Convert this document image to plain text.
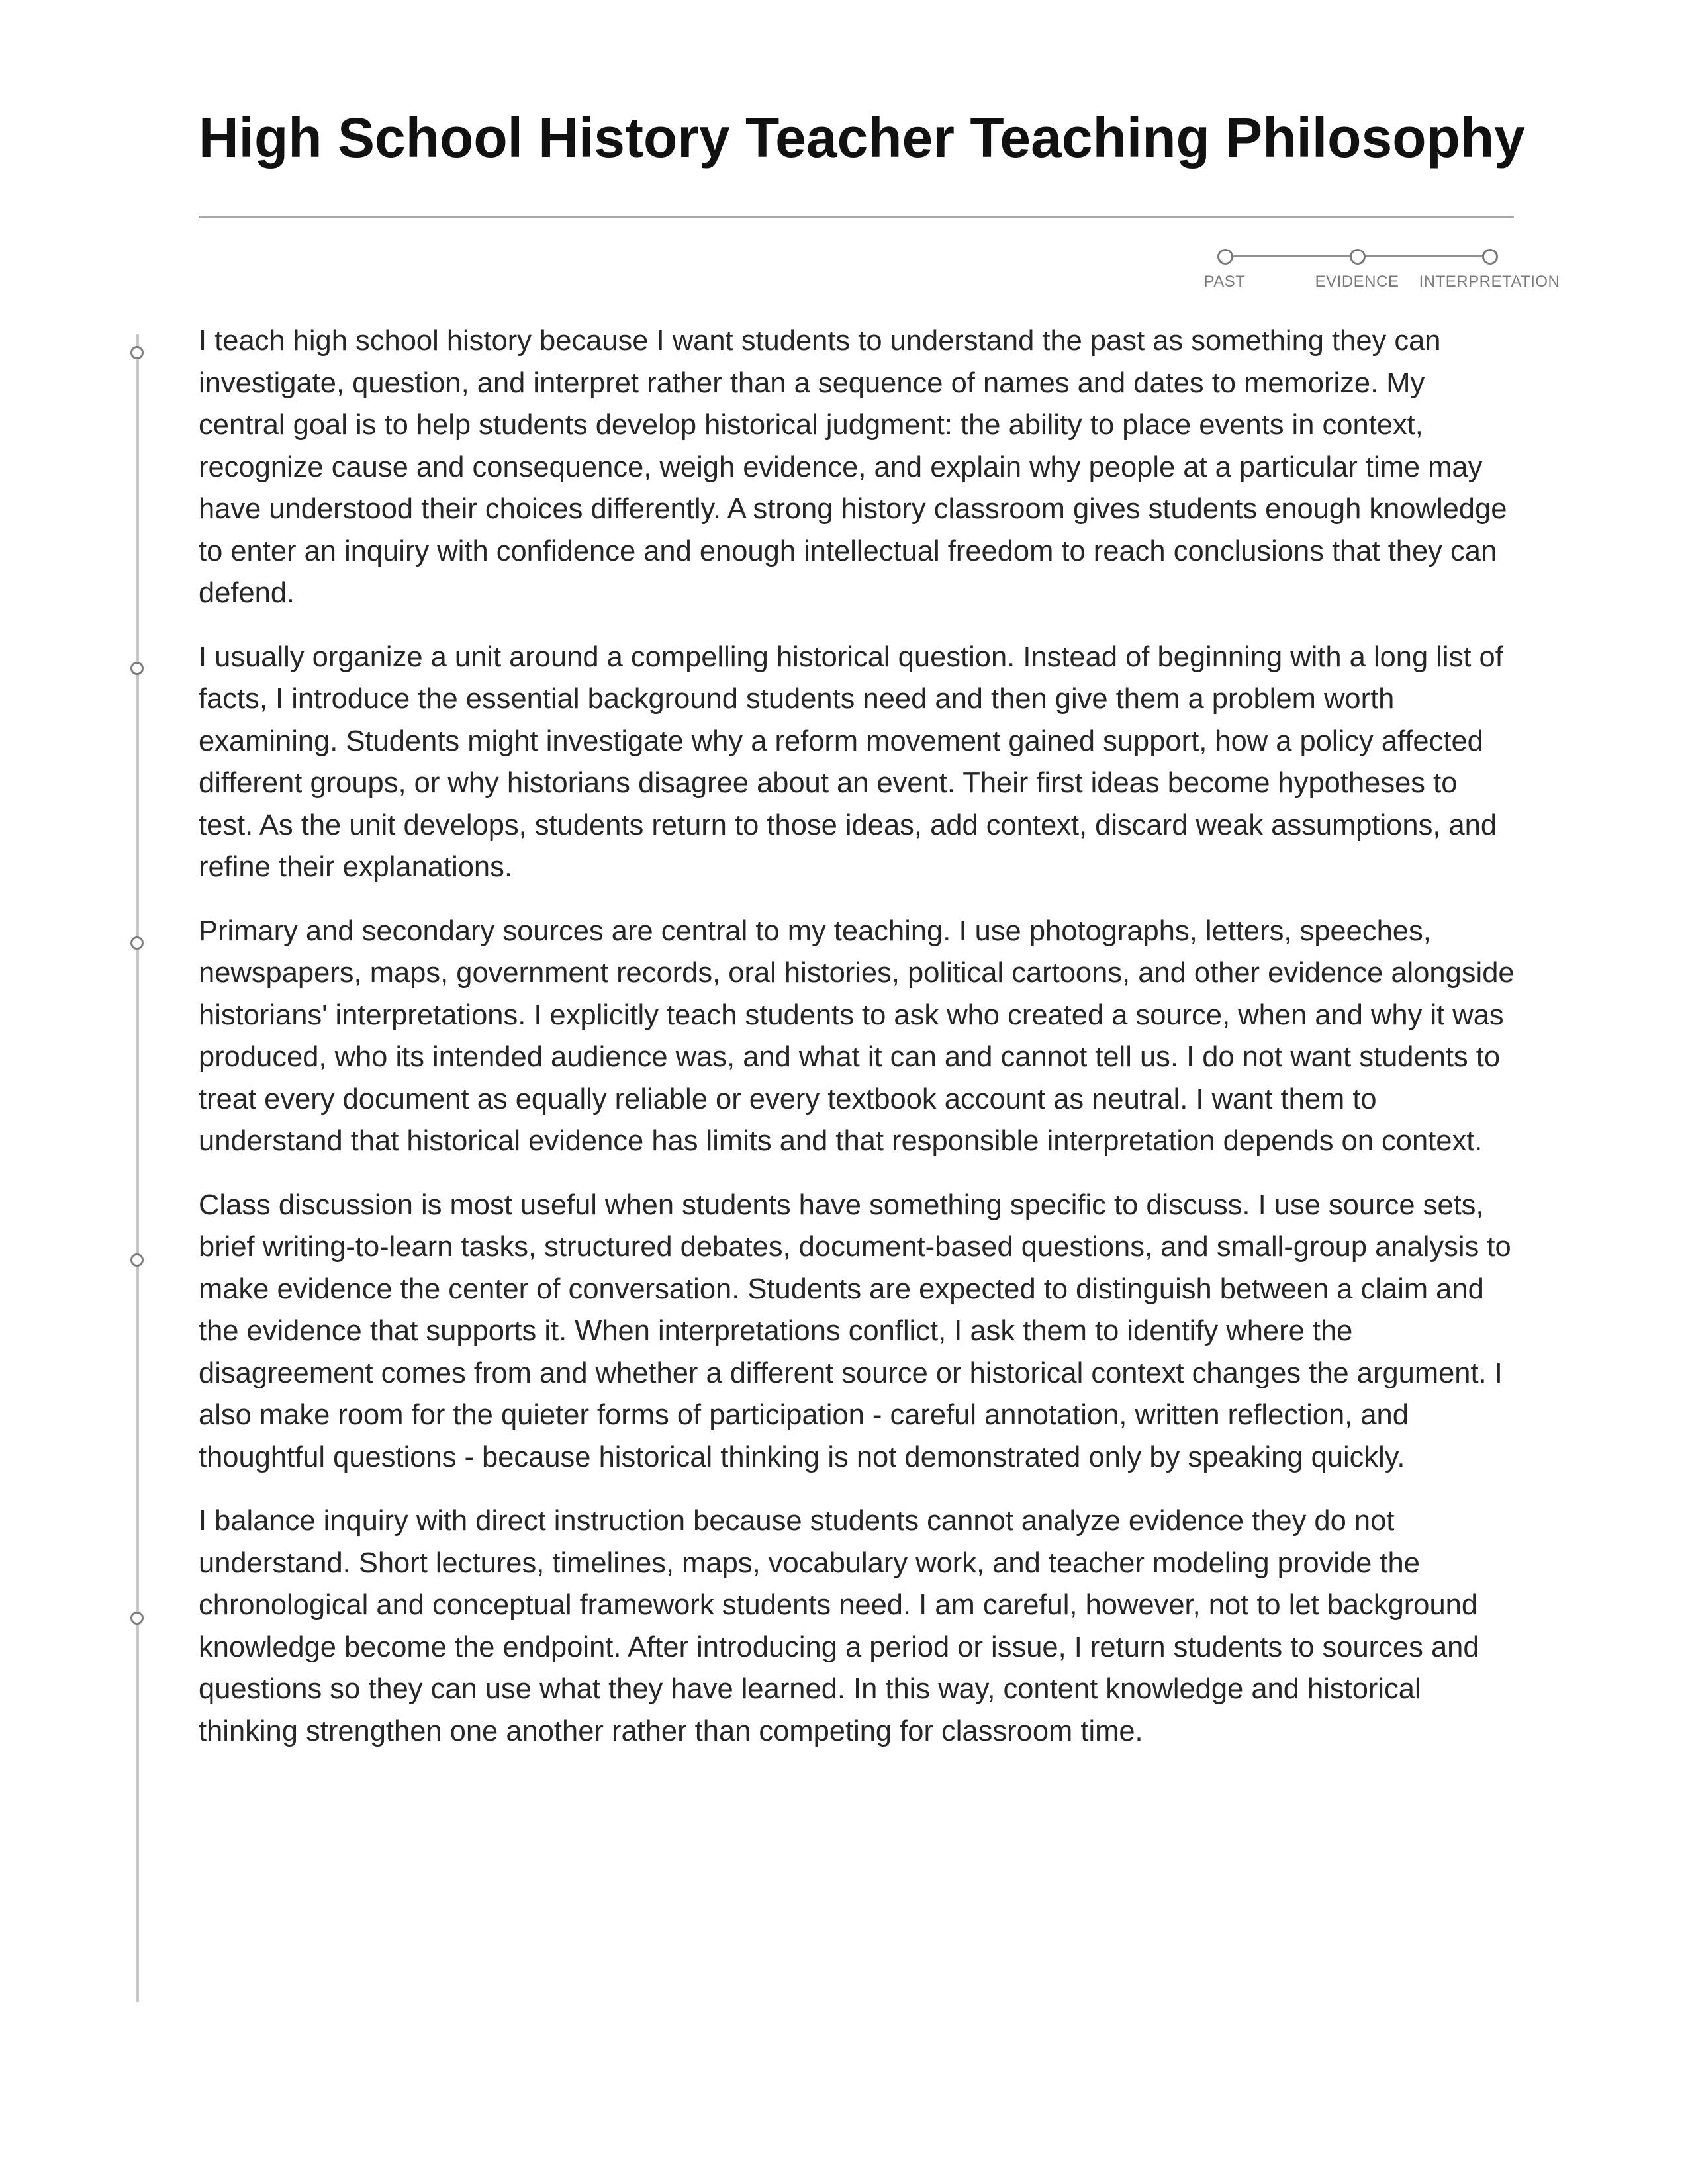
High School History Teacher Teaching Philosophy
PAST	EVIDENCE INTERPRETATION

I teach high school history because I want students to understand the past as something they can investigate, question, and interpret rather than a sequence of names and dates to memorize. My central goal is to help students develop historical judgment: the ability to place events in context, recognize cause and consequence, weigh evidence, and explain why people at a particular time may have understood their choices differently. A strong history classroom gives students enough knowledge to enter an inquiry with confidence and enough intellectual freedom to reach conclusions that they can defend.

I usually organize a unit around a compelling historical question. Instead of beginning with a long list of facts, I introduce the essential background students need and then give them a problem worth examining. Students might investigate why a reform movement gained support, how a policy affected different groups, or why historians disagree about an event. Their first ideas become hypotheses to test. As the unit develops, students return to those ideas, add context, discard weak assumptions, and refine their explanations.

Primary and secondary sources are central to my teaching. I use photographs, letters, speeches, newspapers, maps, government records, oral histories, political cartoons, and other evidence alongside historians' interpretations. I explicitly teach students to ask who created a source, when and why it was produced, who its intended audience was, and what it can and cannot tell us. I do not want students to treat every document as equally reliable or every textbook account as neutral. I want them to understand that historical evidence has limits and that responsible interpretation depends on context.

Class discussion is most useful when students have something specific to discuss. I use source sets, brief writing-to-learn tasks, structured debates, document-based questions, and small-group analysis to make evidence the center of conversation. Students are expected to distinguish between a claim and the evidence that supports it. When interpretations conflict, I ask them to identify where the disagreement comes from and whether a different source or historical context changes the argument. I also make room for the quieter forms of participation - careful annotation, written reflection, and thoughtful questions - because historical thinking is not demonstrated only by speaking quickly.

I balance inquiry with direct instruction because students cannot analyze evidence they do not understand. Short lectures, timelines, maps, vocabulary work, and teacher modeling provide the chronological and conceptual framework students need. I am careful, however, not to let background knowledge become the endpoint. After introducing a period or issue, I return students to sources and questions so they can use what they have learned. In this way, content knowledge and historical thinking strengthen one another rather than competing for classroom time.
